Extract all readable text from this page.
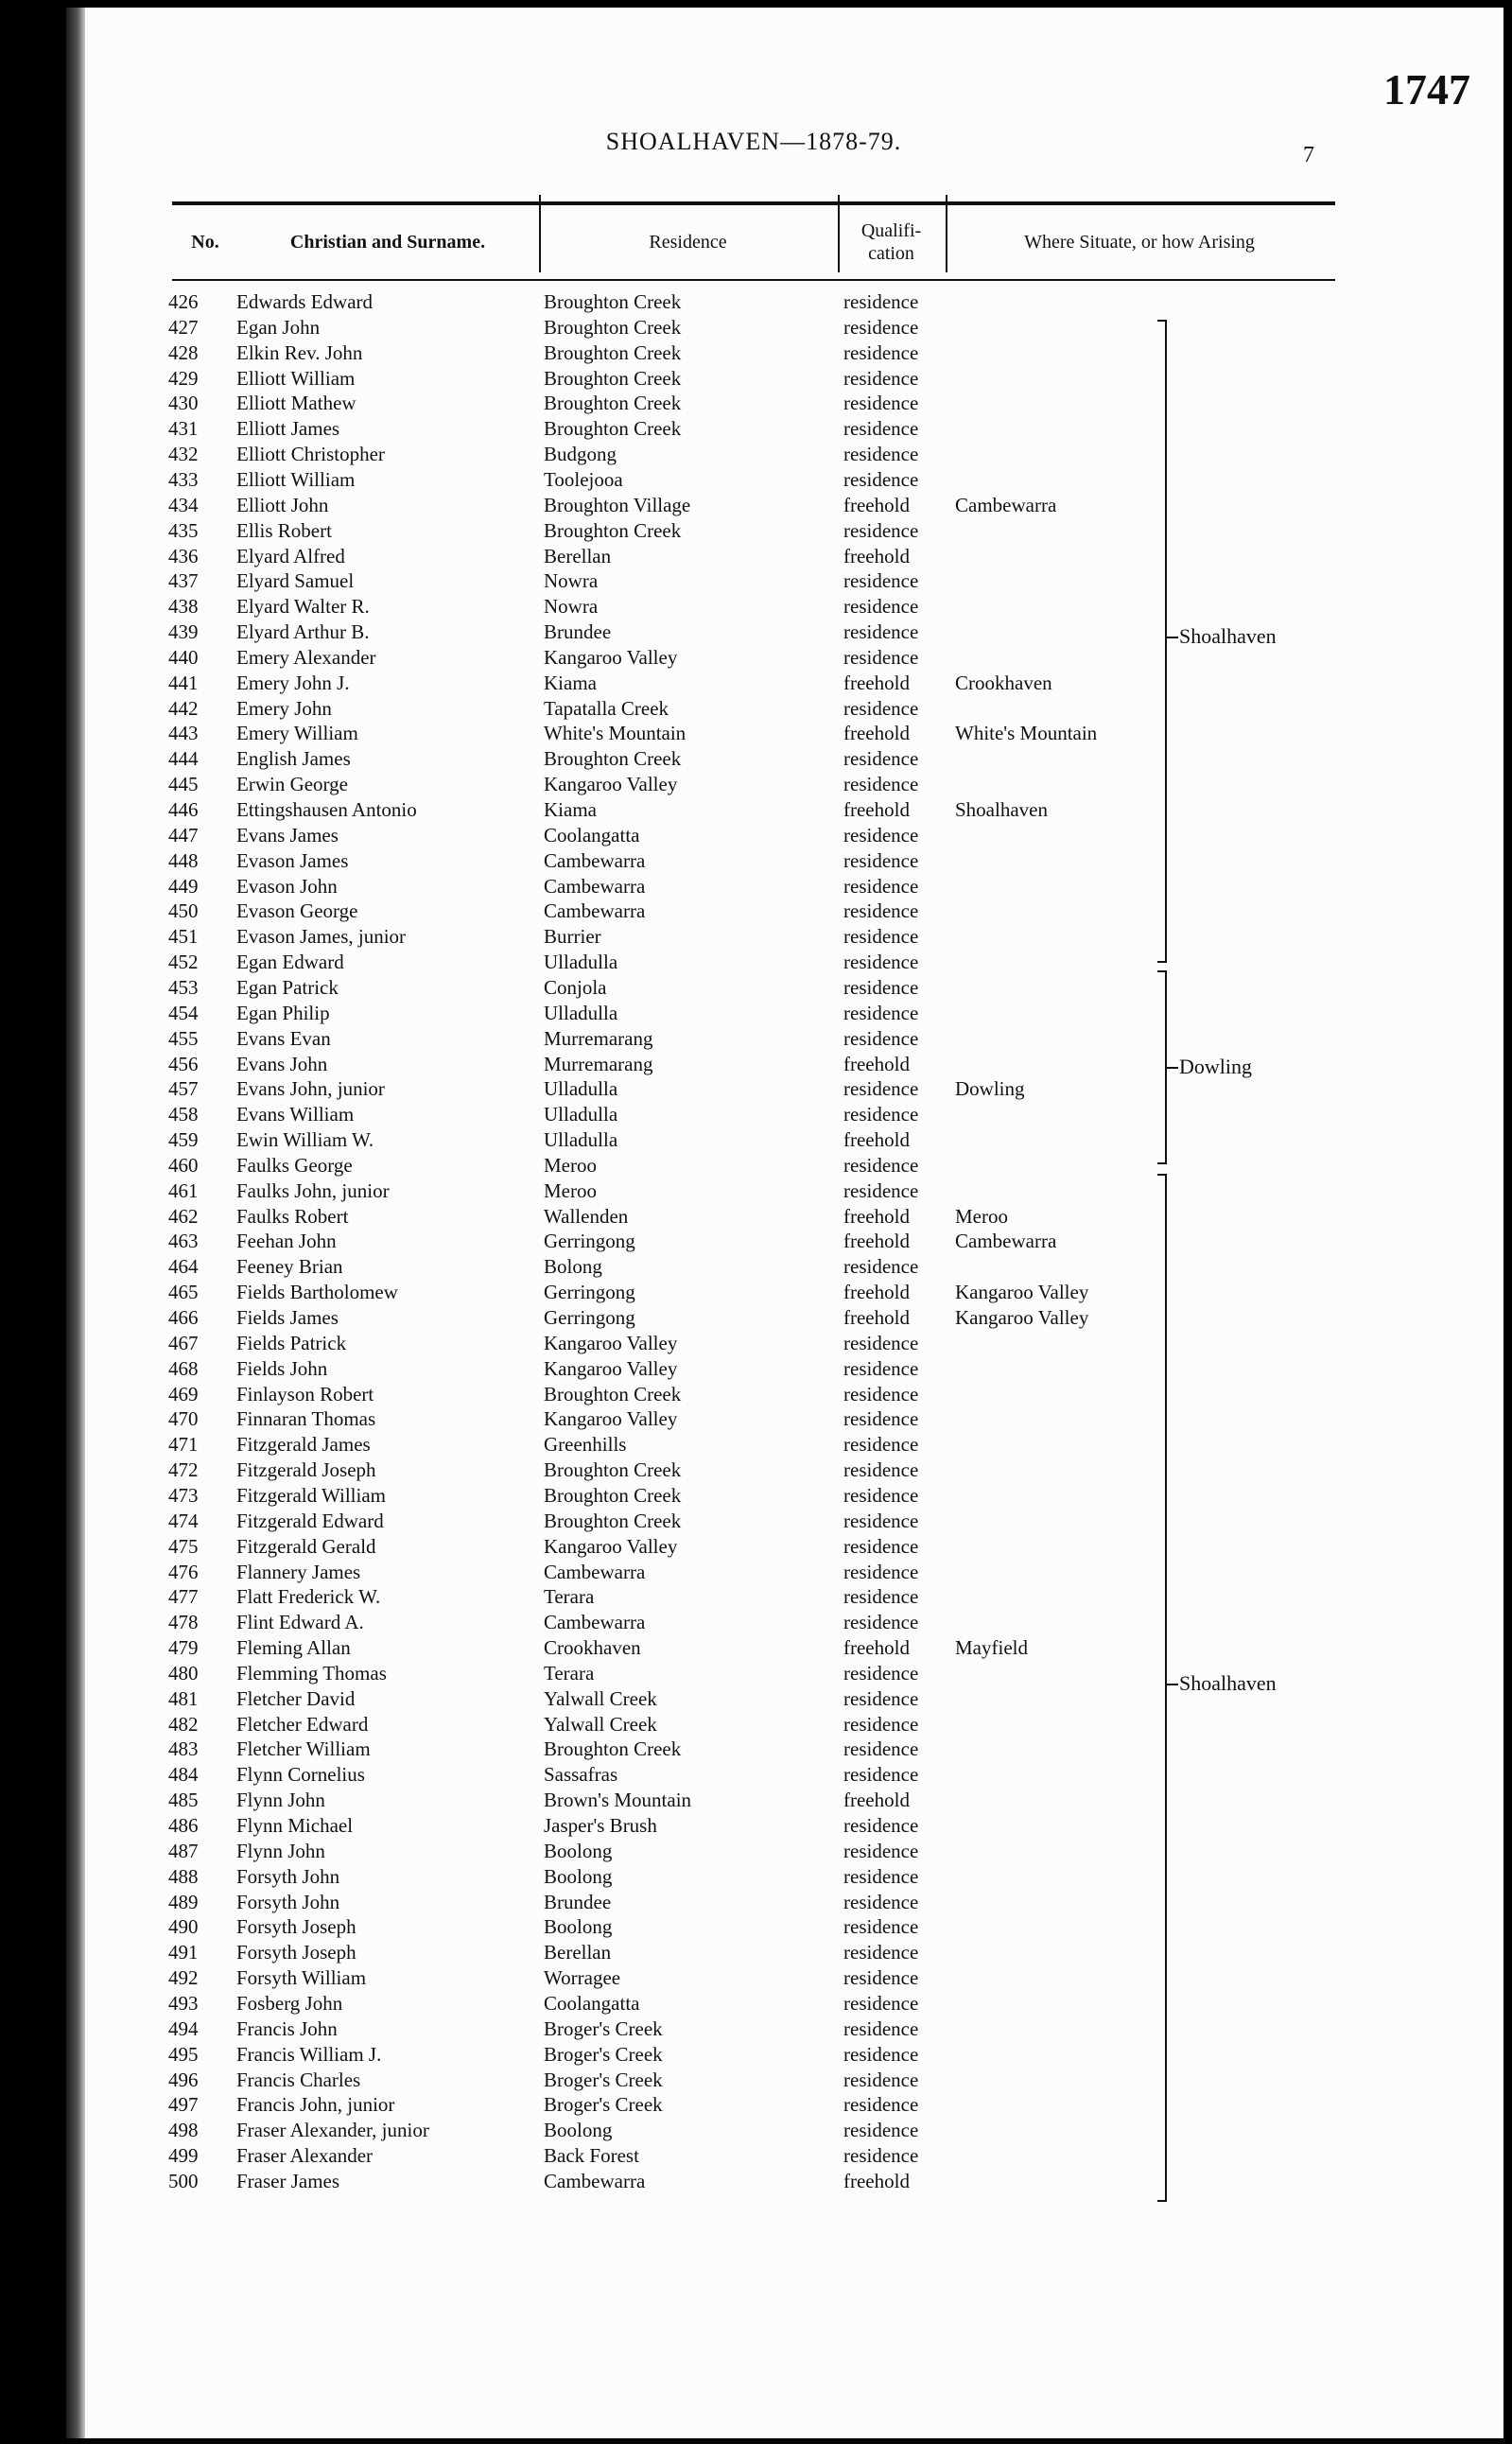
1747
7
SHOALHAVEN—1878-79.
No.	Christian and Surname.	Residence
Qualifi-cation
Where Situate, or how Arising
426	Edwards Edward	Broughton Creek	residence
427	Egan John	Broughton Creek	residence
428	Elkin Rev. John	Broughton Creek	residence
429	Elliott William	Broughton Creek	residence
430	Elliott Mathew	Broughton Creek	residence
431	Elliott James	Broughton Creek	residence
432	Elliott Christopher	Budgong	residence
433	Elliott William	Toolejooa	residence
434	Elliott John	Broughton Village	freehold Cambewarra
435	Ellis Robert	Broughton Creek	residence
436	Elyard Alfred	Berellan	freehold
437	Elyard Samuel	Nowra	residence
438	Elyard Walter R.	Nowra	residence
439	Elyard Arthur B.	Brundee	residence
440	Emery Alexander	Kangaroo Valley	residence
441	Emery John J.	Kiama	freehold Crookhaven
442	Emery John	Tapatalla Creek	residence
443	Emery William	White's Mountain	freehold White's Mountain
444	English James	Broughton Creek	residence
445	Erwin George	Kangaroo Valley	residence
446	Ettingshausen Antonio	Kiama	freehold Shoalhaven
447	Evans James	Coolangatta	residence
448	Evason James	Cambewarra	residence
449	Evason John	Cambewarra	residence
450	Evason George	Cambewarra	residence
451	Evason James, junior	Burrier	residence
452	Egan Edward	Ulladulla	residence
453	Egan Patrick	Conjola	residence
454	Egan Philip	Ulladulla	residence
455	Evans Evan	Murremarang	residence
456	Evans John	Murremarang	freehold
457	Evans John, junior	Ulladulla	residence Dowling
458	Evans William	Ulladulla	residence
459	Ewin William W.	Ulladulla	freehold
460	Faulks George	Meroo	residence
461	Faulks John, junior	Meroo	residence
462	Faulks Robert	Wallenden	freehold Meroo
463	Feehan John	Gerringong	freehold Cambewarra
464	Feeney Brian	Bolong	residence
465	Fields Bartholomew	Gerringong	freehold Kangaroo Valley
466	Fields James	Gerringong	freehold Kangaroo Valley
467	Fields Patrick	Kangaroo Valley	residence
468	Fields John	Kangaroo Valley	residence
469	Finlayson Robert	Broughton Creek	residence
470	Finnaran Thomas	Kangaroo Valley	residence
471	Fitzgerald James	Greenhills	residence
472	Fitzgerald Joseph	Broughton Creek	residence
473	Fitzgerald William	Broughton Creek	residence
474	Fitzgerald Edward	Broughton Creek	residence
475	Fitzgerald Gerald	Kangaroo Valley	residence
476	Flannery James	Cambewarra	residence
477	Flatt Frederick W.	Terara	residence
478	Flint Edward A.	Cambewarra	residence
479	Fleming Allan	Crookhaven	freehold Mayfield
480	Flemming Thomas	Terara	residence
481	Fletcher David	Yalwall Creek	residence
482	Fletcher Edward	Yalwall Creek	residence
483	Fletcher William	Broughton Creek	residence
484	Flynn Cornelius	Sassafras	residence
485	Flynn John	Brown's Mountain	freehold
486	Flynn Michael	Jasper's Brush	residence
487	Flynn John	Boolong	residence
488	Forsyth John	Boolong	residence
489	Forsyth John	Brundee	residence
490	Forsyth Joseph	Boolong	residence
491	Forsyth Joseph	Berellan	residence
492	Forsyth William	Worragee	residence
493	Fosberg John	Coolangatta	residence
494	Francis John	Broger's Creek	residence
495	Francis William J.	Broger's Creek	residence
496	Francis Charles	Broger's Creek	residence
497	Francis John, junior	Broger's Creek	residence
498	Fraser Alexander, junior	Boolong	residence
499	Fraser Alexander	Back Forest	residence
500	Fraser James	Cambewarra	freehold
Shoalhaven
Dowling
Shoalhaven
